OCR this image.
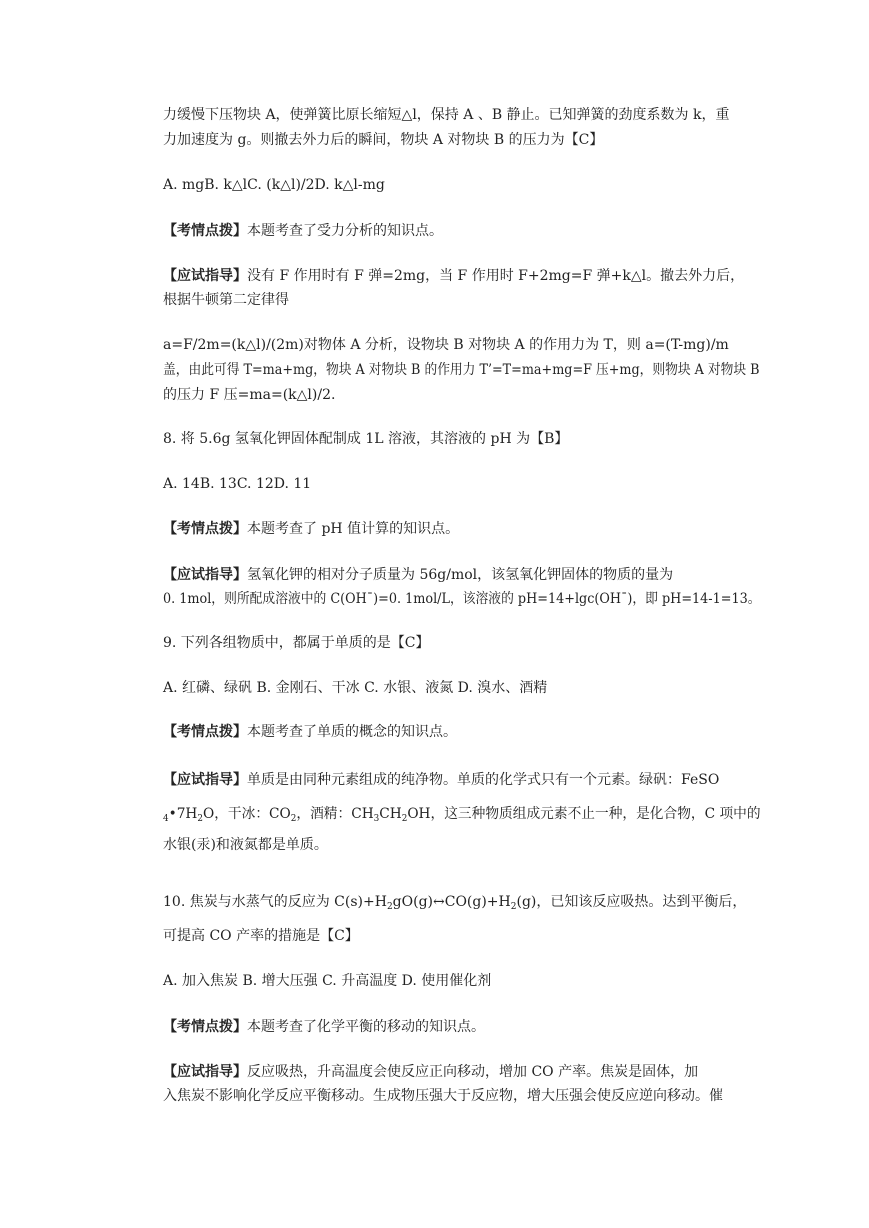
力缓慢下压物块 A，使弹簧比原长缩短△l，保持 A 、B 静止。已知弹簧的劲度系数为 k，重
力加速度为 g。则撤去外力后的瞬间，物块 A 对物块 B 的压力为【C】
A. mgB. k△lC. (k△l)/2D. k△l-mg
【考情点拨】本题考查了受力分析的知识点。
【应试指导】没有 F 作用时有 F 弹=2mg，当 F 作用时 F+2mg=F 弹+k△l。撤去外力后，
根据牛顿第二定律得
a=F/2m=(k△l)/(2m)对物体 A 分析，设物块 B 对物块 A 的作用力为 T，则 a=(T-mg)/m
盖，由此可得 T=ma+mg，物块 A 对物块 B 的作用力 T’=T=ma+mg=F 压+mg，则物块 A 对物块 B
的压力 F 压=ma=(k△l)/2.
8. 将 5.6g 氢氧化钾固体配制成 1L 溶液，其溶液的 pH 为【B】
A. 14B. 13C. 12D. 11
【考情点拨】本题考查了 pH 值计算的知识点。
【应试指导】氢氧化钾的相对分子质量为 56g/mol，该氢氧化钾固体的物质的量为
0. 1mol，则所配成溶液中的 C(OH¯)=0. 1mol/L，该溶液的 pH=14+lgc(OH¯)，即 pH=14-1=13。
9. 下列各组物质中，都属于单质的是【C】
A. 红磷、绿矾 B. 金刚石、干冰 C. 水银、液氮 D. 溴水、酒精
【考情点拨】本题考查了单质的概念的知识点。
【应试指导】单质是由同种元素组成的纯净物。单质的化学式只有一个元素。绿矾：FeSO
$_4•7H_2O$，干冰：$CO_2$，酒精：$CH_3CH_2OH$，这三种物质组成元素不止一种，是化合物，C 项中的
水银(汞)和液氮都是单质。
10. 焦炭与水蒸气的反应为 $C(s)+H_2gO(g)\leftrightarrow CO(g)+H_2(g)$，已知该反应吸热。达到平衡后，
可提高 CO 产率的措施是【C】
A. 加入焦炭 B. 增大压强 C. 升高温度 D. 使用催化剂
【考情点拨】本题考查了化学平衡的移动的知识点。
【应试指导】反应吸热，升高温度会使反应正向移动，增加 CO 产率。焦炭是固体，加
入焦炭不影响化学反应平衡移动。生成物压强大于反应物，增大压强会使反应逆向移动。催
